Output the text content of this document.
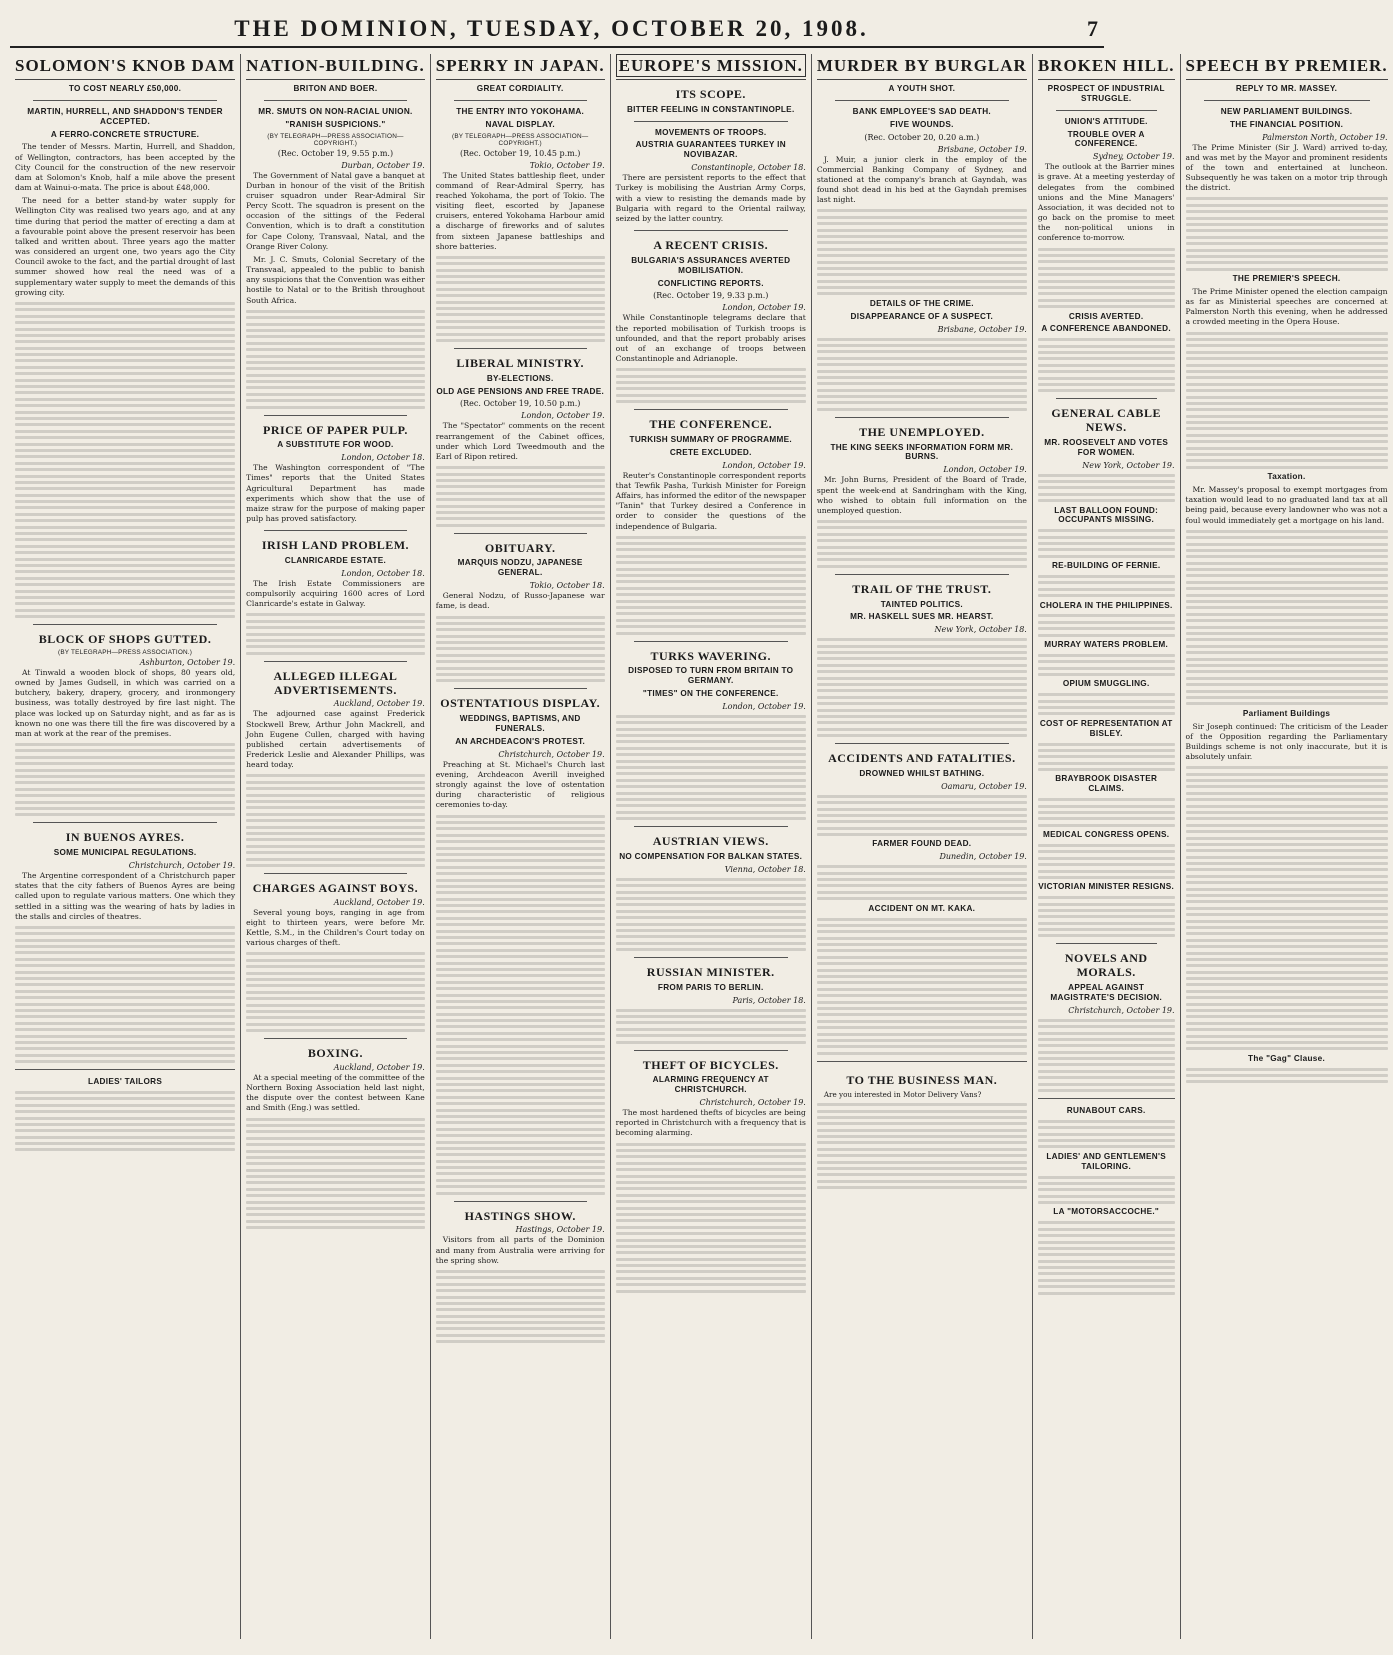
THE DOMINION, TUESDAY, OCTOBER 20, 1908.	7
SOLOMON'S KNOB DAM
TO COST NEARLY £50,000.
MARTIN, HURRELL, AND SHADDON'S TENDER ACCEPTED.
A FERRO-CONCRETE STRUCTURE.

The tender of Messrs. Martin, Hurrell, and Shaddon, of Wellington, contractors, has been accepted by the City Council for the construction of the new reservoir dam at Solomon's Knob, half a mile above the present dam at Wainui-o-mata. The price is about £48,000.

The need for a better stand-by water supply for Wellington City was realised two years ago, and at any time during that period the matter of erecting a dam at a favourable point above the present reservoir has been talked and written about. Three years ago the matter was considered an urgent one, two years ago the City Council awoke to the fact, and the partial drought of last summer showed how real the need was of a supplementary water supply to meet the demands of this growing city.

BLOCK OF SHOPS GUTTED.
(BY TELEGRAPH—PRESS ASSOCIATION.)
Ashburton, October 19.

At Tinwald a wooden block of shops, 80 years old, owned by James Gudsell, in which was carried on a butchery, bakery, drapery, grocery, and ironmongery business, was totally destroyed by fire last night. The place was locked up on Saturday night, and as far as is known no one was there till the fire was discovered by a man at work at the rear of the premises.

IN BUENOS AYRES.
SOME MUNICIPAL REGULATIONS.
Christchurch, October 19.

The Argentine correspondent of a Christchurch paper states that the city fathers of Buenos Ayres are being called upon to regulate various matters. One which they settled in a sitting was the wearing of hats by ladies in the stalls and circles of theatres.

LADIES' TAILORS
NATION-BUILDING.
BRITON AND BOER.
MR. SMUTS ON NON-RACIAL UNION.
"RANISH SUSPICIONS."
(BY TELEGRAPH—PRESS ASSOCIATION—COPYRIGHT.)
(Rec. October 19, 9.55 p.m.)
Durban, October 19.

The Government of Natal gave a banquet at Durban in honour of the visit of the British cruiser squadron under Rear-Admiral Sir Percy Scott. The squadron is present on the occasion of the sittings of the Federal Convention, which is to draft a constitution for Cape Colony, Transvaal, Natal, and the Orange River Colony.

Mr. J. C. Smuts, Colonial Secretary of the Transvaal, appealed to the public to banish any suspicions that the Convention was either hostile to Natal or to the British throughout South Africa.

PRICE OF PAPER PULP.
A SUBSTITUTE FOR WOOD.
London, October 18.

The Washington correspondent of "The Times" reports that the United States Agricultural Department has made experiments which show that the use of maize straw for the purpose of making paper pulp has proved satisfactory.

IRISH LAND PROBLEM.
CLANRICARDE ESTATE.
London, October 18.

The Irish Estate Commissioners are compulsorily acquiring 1600 acres of Lord Clanricarde's estate in Galway.

ALLEGED ILLEGAL ADVERTISEMENTS.
Auckland, October 19.

The adjourned case against Frederick Stockwell Brew, Arthur John Mackrell, and John Eugene Cullen, charged with having published certain advertisements of Frederick Leslie and Alexander Phillips, was heard today.

CHARGES AGAINST BOYS.
Auckland, October 19.

Several young boys, ranging in age from eight to thirteen years, were before Mr. Kettle, S.M., in the Children's Court today on various charges of theft.

BOXING.
Auckland, October 19.

At a special meeting of the committee of the Northern Boxing Association held last night, the dispute over the contest between Kane and Smith (Eng.) was settled.

SPERRY IN JAPAN.
GREAT CORDIALITY.
THE ENTRY INTO YOKOHAMA.
NAVAL DISPLAY.
(BY TELEGRAPH—PRESS ASSOCIATION—COPYRIGHT.)
(Rec. October 19, 10.45 p.m.)
Tokio, October 19.

The United States battleship fleet, under command of Rear-Admiral Sperry, has reached Yokohama, the port of Tokio. The visiting fleet, escorted by Japanese cruisers, entered Yokohama Harbour amid a discharge of fireworks and of salutes from sixteen Japanese battleships and shore batteries.

LIBERAL MINISTRY.
BY-ELECTIONS.
OLD AGE PENSIONS AND FREE TRADE.
(Rec. October 19, 10.50 p.m.)
London, October 19.

The "Spectator" comments on the recent rearrangement of the Cabinet offices, under which Lord Tweedmouth and the Earl of Ripon retired.

OBITUARY.
MARQUIS NODZU, JAPANESE GENERAL.
Tokio, October 18.

General Nodzu, of Russo-Japanese war fame, is dead.

OSTENTATIOUS DISPLAY.
WEDDINGS, BAPTISMS, AND FUNERALS.
AN ARCHDEACON'S PROTEST.
Christchurch, October 19.

Preaching at St. Michael's Church last evening, Archdeacon Averill inveighed strongly against the love of ostentation during characteristic of religious ceremonies to-day.

HASTINGS SHOW.
Hastings, October 19.

Visitors from all parts of the Dominion and many from Australia were arriving for the spring show.

EUROPE'S MISSION.
ITS SCOPE.
BITTER FEELING IN CONSTANTINOPLE.
MOVEMENTS OF TROOPS.
AUSTRIA GUARANTEES TURKEY IN NOVIBAZAR.
Constantinople, October 18.

There are persistent reports to the effect that Turkey is mobilising the Austrian Army Corps, with a view to resisting the demands made by Bulgaria with regard to the Oriental railway, seized by the latter country.

A RECENT CRISIS.
BULGARIA'S ASSURANCES AVERTED MOBILISATION.
CONFLICTING REPORTS.
(Rec. October 19, 9.33 p.m.)
London, October 19.

While Constantinople telegrams declare that the reported mobilisation of Turkish troops is unfounded, and that the report probably arises out of an exchange of troops between Constantinople and Adrianople.

THE CONFERENCE.
TURKISH SUMMARY OF PROGRAMME.
CRETE EXCLUDED.
London, October 19.

Reuter's Constantinople correspondent reports that Tewfik Pasha, Turkish Minister for Foreign Affairs, has informed the editor of the newspaper "Tanin" that Turkey desired a Conference in order to consider the questions of the independence of Bulgaria.

TURKS WAVERING.
DISPOSED TO TURN FROM BRITAIN TO GERMANY.
"TIMES" ON THE CONFERENCE.
London, October 19.
AUSTRIAN VIEWS.
NO COMPENSATION FOR BALKAN STATES.
Vienna, October 18.
RUSSIAN MINISTER.
FROM PARIS TO BERLIN.
Paris, October 18.
THEFT OF BICYCLES.
ALARMING FREQUENCY AT CHRISTCHURCH.
Christchurch, October 19.

The most hardened thefts of bicycles are being reported in Christchurch with a frequency that is becoming alarming.

MURDER BY BURGLAR
A YOUTH SHOT.
BANK EMPLOYEE'S SAD DEATH.
FIVE WOUNDS.
(Rec. October 20, 0.20 a.m.)
Brisbane, October 19.

J. Muir, a junior clerk in the employ of the Commercial Banking Company of Sydney, and stationed at the company's branch at Gayndah, was found shot dead in his bed at the Gayndah premises last night.

DETAILS OF THE CRIME.
DISAPPEARANCE OF A SUSPECT.
Brisbane, October 19.
THE UNEMPLOYED.
THE KING SEEKS INFORMATION FORM MR. BURNS.
London, October 19.

Mr. John Burns, President of the Board of Trade, spent the week-end at Sandringham with the King, who wished to obtain full information on the unemployed question.

TRAIL OF THE TRUST.
TAINTED POLITICS.
MR. HASKELL SUES MR. HEARST.
New York, October 18.
ACCIDENTS AND FATALITIES.
DROWNED WHILST BATHING.
Oamaru, October 19.
FARMER FOUND DEAD.
Dunedin, October 19.
ACCIDENT ON MT. KAKA.
TO THE BUSINESS MAN.

Are you interested in Motor Delivery Vans?

BROKEN HILL.
PROSPECT OF INDUSTRIAL STRUGGLE.
UNION'S ATTITUDE.
TROUBLE OVER A CONFERENCE.
Sydney, October 19.

The outlook at the Barrier mines is grave. At a meeting yesterday of delegates from the combined unions and the Mine Managers' Association, it was decided not to go back on the promise to meet the non-political unions in conference to-morrow.

CRISIS AVERTED.
A CONFERENCE ABANDONED.
GENERAL CABLE NEWS.
MR. ROOSEVELT AND VOTES FOR WOMEN.
New York, October 19.
LAST BALLOON FOUND: OCCUPANTS MISSING.
RE-BUILDING OF FERNIE.
CHOLERA IN THE PHILIPPINES.
MURRAY WATERS PROBLEM.
OPIUM SMUGGLING.
COST OF REPRESENTATION AT BISLEY.
BRAYBROOK DISASTER CLAIMS.
MEDICAL CONGRESS OPENS.
VICTORIAN MINISTER RESIGNS.
NOVELS AND MORALS.
APPEAL AGAINST MAGISTRATE'S DECISION.
Christchurch, October 19.
RUNABOUT CARS.
LADIES' AND GENTLEMEN'S TAILORING.
LA "MOTORSACCOCHE."
SPEECH BY PREMIER.
REPLY TO MR. MASSEY.
NEW PARLIAMENT BUILDINGS.
THE FINANCIAL POSITION.
Palmerston North, October 19.

The Prime Minister (Sir J. Ward) arrived to-day, and was met by the Mayor and prominent residents of the town and entertained at luncheon. Subsequently he was taken on a motor trip through the district.

THE PREMIER'S SPEECH.

The Prime Minister opened the election campaign as far as Ministerial speeches are concerned at Palmerston North this evening, when he addressed a crowded meeting in the Opera House.

Taxation.

Mr. Massey's proposal to exempt mortgages from taxation would lead to no graduated land tax at all being paid, because every landowner who was not a foul would immediately get a mortgage on his land.

Parliament Buildings

Sir Joseph continued: The criticism of the Leader of the Opposition regarding the Parliamentary Buildings scheme is not only inaccurate, but it is absolutely unfair.

The "Gag" Clause.
